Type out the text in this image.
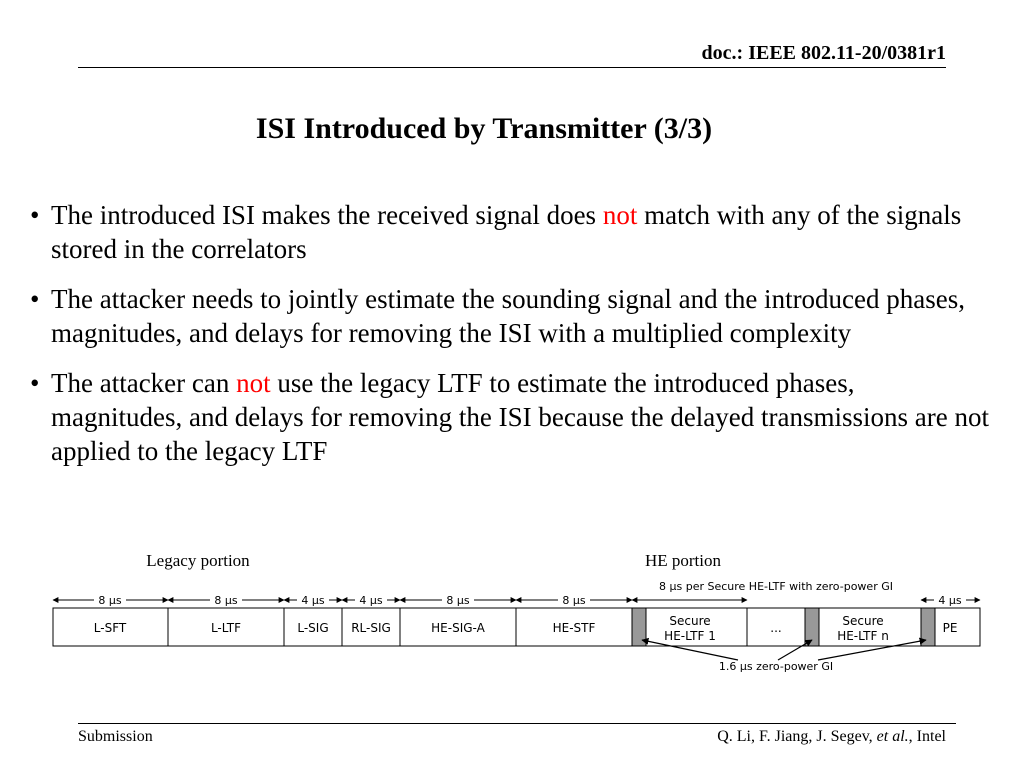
doc.: IEEE 802.11-20/0381r1
ISI Introduced by Transmitter (3/3)
• The introduced ISI makes the received signal does not match with any of the signals stored in the correlators
• The attacker needs to jointly estimate the sounding signal and the introduced phases, magnitudes, and delays for removing the ISI with a multiplied complexity
• The attacker can not use the legacy LTF to estimate the introduced phases, magnitudes, and delays for removing the ISI because the delayed transmissions are not applied to the legacy LTF
Legacy portion	HE portion
8 µs per Secure HE-LTF with zero-power GI
8 µs	8 µs	4 µs	4 µs	8 µs	8 µs	4 µs
L-SFT	L-LTF	L-SIG RL-SIG	HE-SIG-A	HE-STF	Secure HE-LTF 1
...	Secure HE-LTF n
PE
1.6 µs zero-power GI
Submission	Q. Li, F. Jiang, J. Segev, et al., Intel
